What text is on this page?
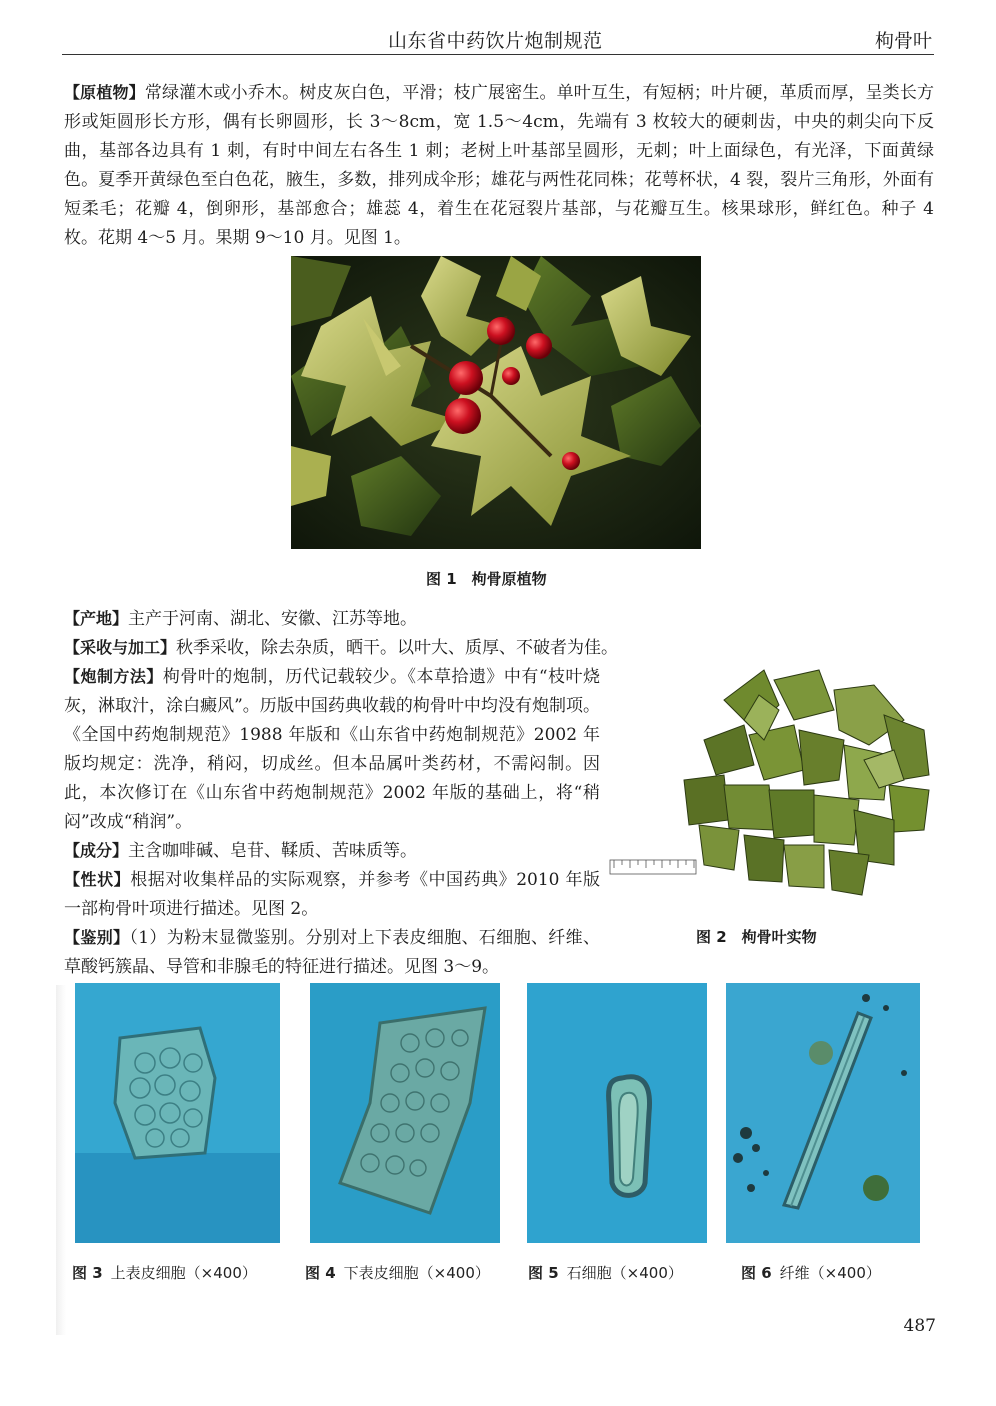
山东省中药饮片炮制规范	枸骨叶
【原植物】常绿灌木或小乔木。树皮灰白色，平滑；枝广展密生。单叶互生，有短柄；叶片硬，革质而厚，呈类长方形或矩圆形长方形，偶有长卵圆形，长 3～8cm，宽 1.5～4cm，先端有 3 枚较大的硬刺齿，中央的刺尖向下反曲，基部各边具有 1 刺，有时中间左右各生 1 刺；老树上叶基部呈圆形，无刺；叶上面绿色，有光泽，下面黄绿色。夏季开黄绿色至白色花，腋生，多数，排列成伞形；雄花与两性花同株；花萼杯状，4 裂，裂片三角形，外面有短柔毛；花瓣 4，倒卵形，基部愈合；雄蕊 4，着生在花冠裂片基部，与花瓣互生。核果球形，鲜红色。种子 4 枚。花期 4～5 月。果期 9～10 月。见图 1。
图 1　枸骨原植物
【产地】主产于河南、湖北、安徽、江苏等地。
【采收与加工】秋季采收，除去杂质，晒干。以叶大、质厚、不破者为佳。
【炮制方法】枸骨叶的炮制，历代记载较少。《本草拾遗》中有“枝叶烧灰，淋取汁，涂白癜风”。历版中国药典收载的枸骨叶中均没有炮制项。《全国中药炮制规范》1988 年版和《山东省中药炮制规范》2002 年版均规定：洗净，稍闷，切成丝。但本品属叶类药材，不需闷制。因此，本次修订在《山东省中药炮制规范》2002 年版的基础上，将“稍闷”改成“稍润”。
【成分】主含咖啡碱、皂苷、鞣质、苦味质等。
【性状】根据对收集样品的实际观察，并参考《中国药典》2010 年版一部枸骨叶项进行描述。见图 2。
【鉴别】（1）为粉末显微鉴别。分别对上下表皮细胞、石细胞、纤维、草酸钙簇晶、导管和非腺毛的特征进行描述。见图 3～9。
图 2　枸骨叶实物
图 3 上表皮细胞（×400）	图 4 下表皮细胞（×400）	图 5 石细胞（×400）	图 6 纤维（×400）
487
